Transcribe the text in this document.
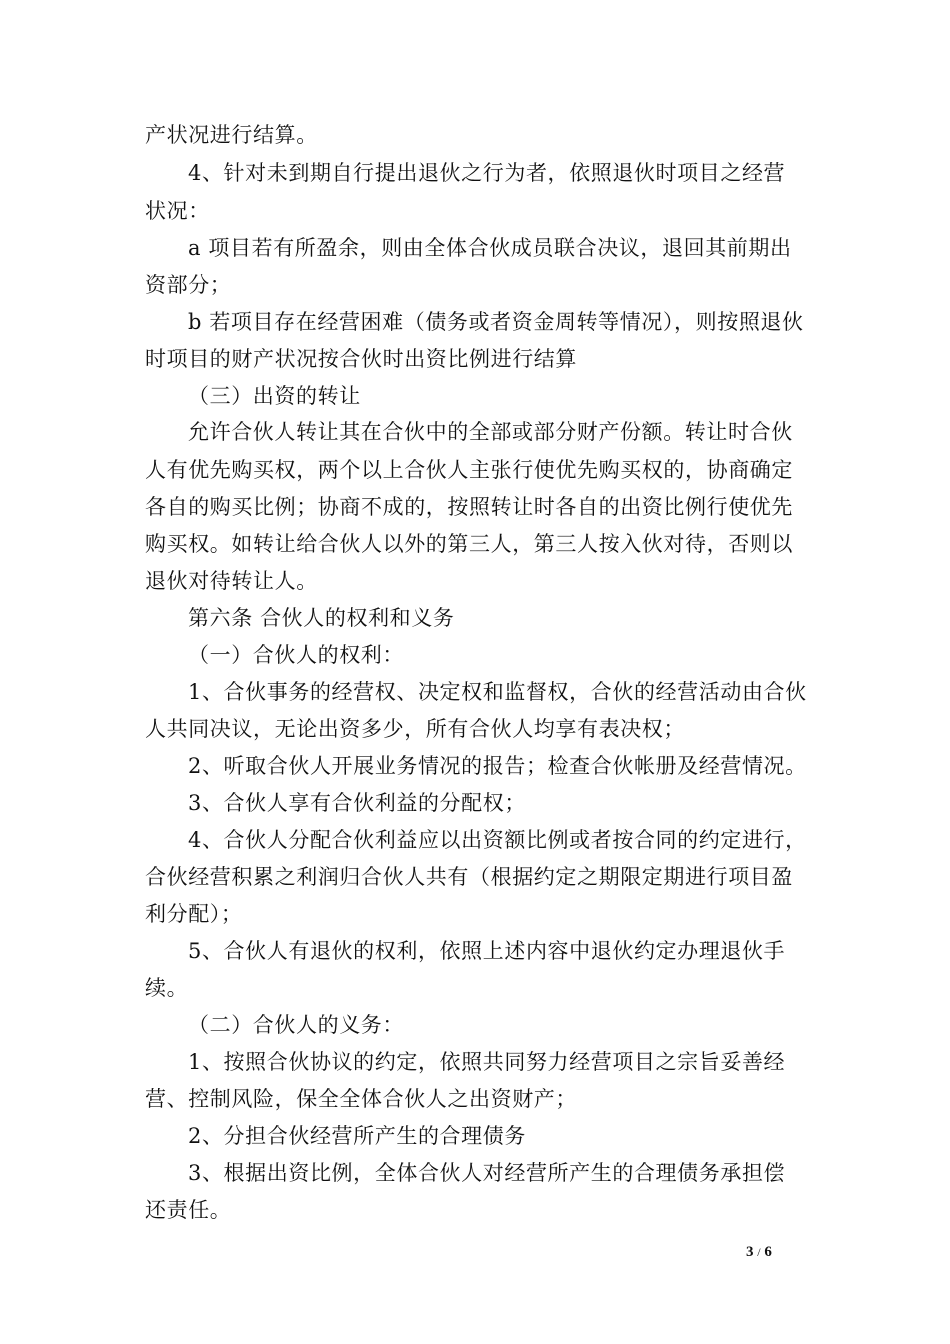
产状况进行结算。
4、针对未到期自行提出退伙之行为者，依照退伙时项目之经营
状况：
a 项目若有所盈余，则由全体合伙成员联合决议，退回其前期出
资部分；
b 若项目存在经营困难（债务或者资金周转等情况），则按照退伙
时项目的财产状况按合伙时出资比例进行结算
（三）出资的转让
允许合伙人转让其在合伙中的全部或部分财产份额。转让时合伙
人有优先购买权，两个以上合伙人主张行使优先购买权的，协商确定
各自的购买比例；协商不成的，按照转让时各自的出资比例行使优先
购买权。如转让给合伙人以外的第三人，第三人按入伙对待，否则以
退伙对待转让人。
第六条 合伙人的权利和义务
（一）合伙人的权利：
1、合伙事务的经营权、决定权和监督权，合伙的经营活动由合伙
人共同决议，无论出资多少，所有合伙人均享有表决权；
2、听取合伙人开展业务情况的报告；检查合伙帐册及经营情况。
3、合伙人享有合伙利益的分配权；
4、合伙人分配合伙利益应以出资额比例或者按合同的约定进行，
合伙经营积累之利润归合伙人共有（根据约定之期限定期进行项目盈
利分配）；
5、合伙人有退伙的权利，依照上述内容中退伙约定办理退伙手
续。
（二）合伙人的义务：
1、按照合伙协议的约定，依照共同努力经营项目之宗旨妥善经
营、控制风险，保全全体合伙人之出资财产；
2、分担合伙经营所产生的合理债务
3、根据出资比例，全体合伙人对经营所产生的合理债务承担偿
还责任。
3 / 6
